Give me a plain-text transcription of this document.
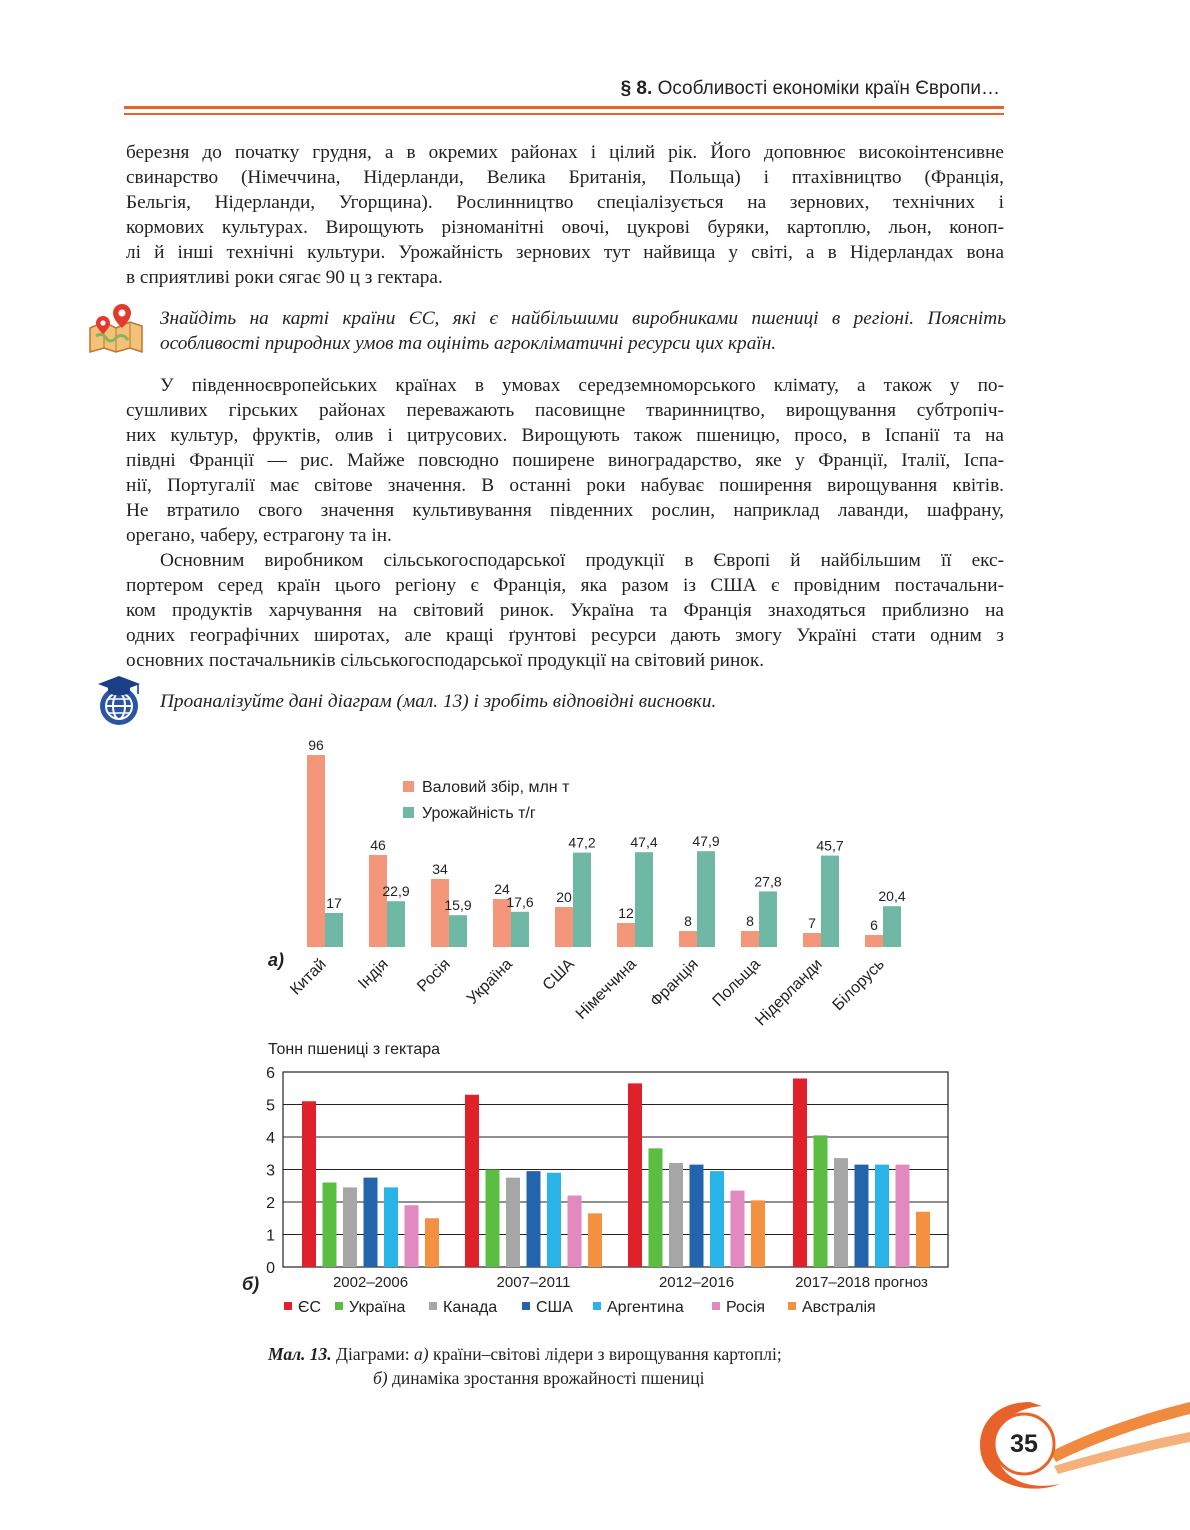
§ 8. Особливості економіки країн Європи…
березня до початку грудня, а в окремих районах і цілий рік. Його доповнює високоінтенсивне
свинарство (Німеччина, Нідерланди, Велика Британія, Польща) і птахівництво (Франція,
Бельгія, Нідерланди, Угорщина). Рослинництво спеціалізується на зернових, технічних і
кормових культурах. Вирощують різноманітні овочі, цукрові буряки, картоплю, льон, коноп-
лі й інші технічні культури. Урожайність зернових тут найвища у світі, а в Нідерландах вона
в сприятливі роки сягає 90 ц з гектара.
Знайдіть на карті країни ЄС, які є найбільшими виробниками пшениці в регіоні. Поясніть
особливості природних умов та оцініть агрокліматичні ресурси цих країн.
У південноєвропейських країнах в умовах середземноморського клімату, а також у по-
сушливих гірських районах переважають пасовищне тваринництво, вирощування субтропіч-
них культур, фруктів, олив і цитрусових. Вирощують також пшеницю, просо, в Іспанії та на
півдні Франції — рис. Майже повсюдно поширене виноградарство, яке у Франції, Італії, Іспа-
нії, Португалії має світове значення. В останні роки набуває поширення вирощування квітів.
Не втратило свого значення культивування південних рослин, наприклад лаванди, шафрану,
орегано, чаберу, естрагону та ін.
Основним виробником сільськогосподарської продукції в Європі й найбільшим її екс-
портером серед країн цього регіону є Франція, яка разом із США є провідним постачальни-
ком продуктів харчування на світовий ринок. Україна та Франція знаходяться приблизно на
одних географічних широтах, але кращі ґрунтові ресурси дають змогу Україні стати одним з
основних постачальників сільськогосподарської продукції на світовий ринок.
Проаналізуйте дані діаграм (мал. 13) і зробіть відповідні висновки.
96
17
Китай
46
22,9
Індія
34
15,9
Росія
24
17,6
Україна
20
47,2
США
12
47,4
Німеччина
8
47,9
Франція
8
27,8
Польща
7
45,7
Нідерланди
6
20,4
Білорусь
Валовий збір, млн т
Урожайність т/г
а)
Тонн пшениці з гектара
0
1
2
3
4
5
6
2002–2006	2007–2011	2012–2016	2017–2018 прогноз
ЄС Україна Канада США Аргентина	Росія Австралія
б)
Мал. 13. Діаграми: а) країни–світові лідери з вирощування картоплі;
б) динаміка зростання врожайності пшениці
35
